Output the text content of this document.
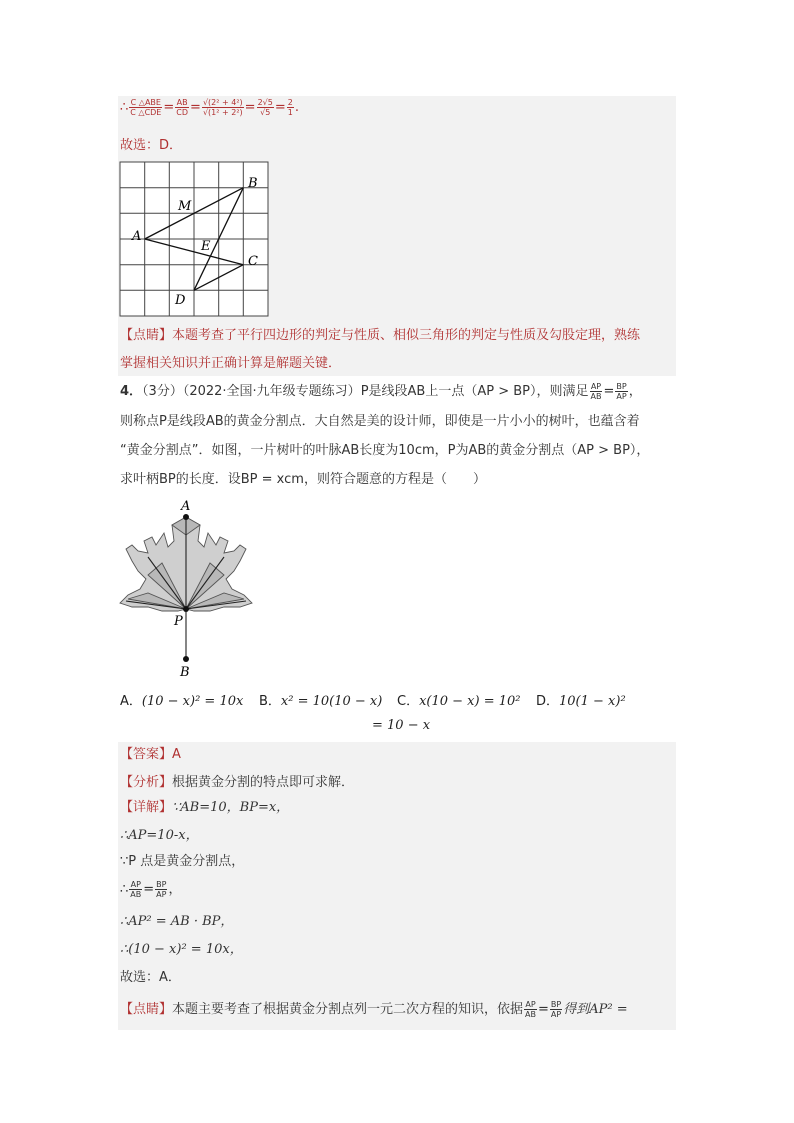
∴ $\frac{\text{C △ABE}}{\text{C △CDE}} = \frac{AB}{CD} = \frac{\text{√(2² + 4²)}}{\text{√(1² + 2²)}} = \frac{2√5}{√5} = \frac{2}{1}$ .
故选：D．
B
M
A
E
C
D
【点睛】本题考查了平行四边形的判定与性质、相似三角形的判定与性质及勾股定理，熟练
掌握相关知识并正确计算是解题关键．
4．（3分）（2022·全国·九年级专题练习）P是线段AB上一点（AP > BP），则满足 $\frac{AP}{AB} = \frac{BP}{AP}$ ，
则称点P是线段AB的黄金分割点．大自然是美的设计师，即使是一片小小的树叶，也蕴含着
“黄金分割点”．如图，一片树叶的叶脉AB长度为10cm，P为AB的黄金分割点（AP > BP），
求叶柄BP的长度．设BP = xcm，则符合题意的方程是（　　）
A
P
B
A．(10 − x)² = 10x B．x² = 10(10 − x) C．x(10 − x) = 10² D．10(1 − x)²
= 10 − x
【答案】A
【分析】根据黄金分割的特点即可求解．
【详解】∵AB=10，BP=x，
∴AP=10-x，
∵P 点是黄金分割点，
∴ $\frac{AP}{AB} = \frac{BP}{AP}$ ，
∴AP² = AB · BP，
∴(10 − x)² = 10x，
故选：A．
【点睛】本题主要考查了根据黄金分割点列一元二次方程的知识，依据 $\frac{AP}{AB} = \frac{BP}{AP}$ 得到AP² =
